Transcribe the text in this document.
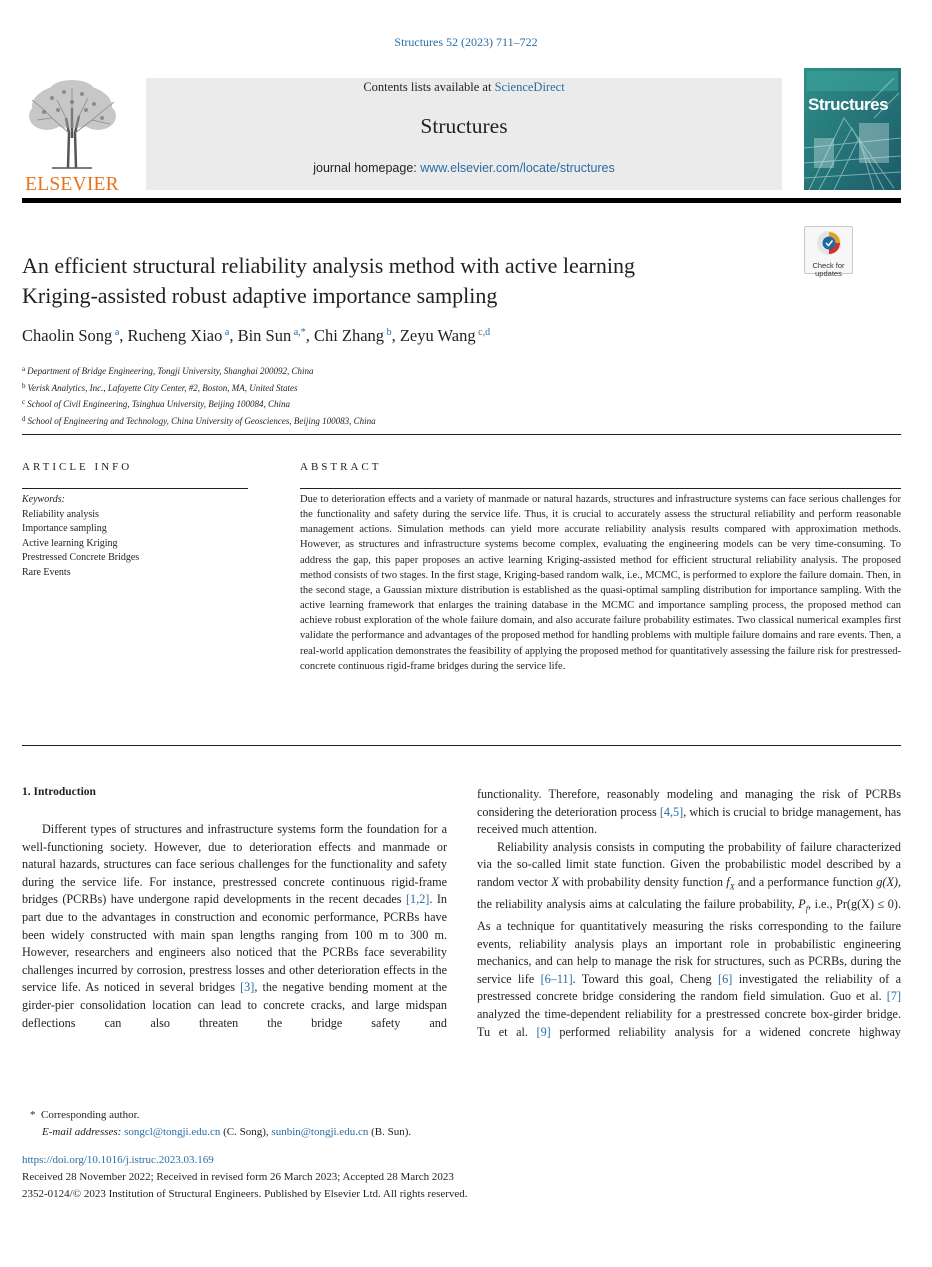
Structures 52 (2023) 711–722
ELSEVIER
Contents lists available at ScienceDirect
Structures
journal homepage: www.elsevier.com/locate/structures
Structures
Check for updates
An efficient structural reliability analysis method with active learning
Kriging-assisted robust adaptive importance sampling
Chaolin Song $^a$, Rucheng Xiao $^a$, Bin Sun $^{a,*}$, Chi Zhang $^b$, Zeyu Wang $^{c,d}$
$^a$ Department of Bridge Engineering, Tongji University, Shanghai 200092, China
$^b$ Verisk Analytics, Inc., Lafayette City Center, #2, Boston, MA, United States
$^c$ School of Civil Engineering, Tsinghua University, Beijing 100084, China
$^d$ School of Engineering and Technology, China University of Geosciences, Beijing 100083, China
ARTICLE INFO
Keywords:
Reliability analysis
Importance sampling
Active learning Kriging
Prestressed Concrete Bridges
Rare Events
ABSTRACT
Due to deterioration effects and a variety of manmade or natural hazards, structures and infrastructure systems can face serious challenges for the functionality and safety during the service life. Thus, it is crucial to accurately assess the structural reliability and perform reasonable management actions. Simulation methods can yield more accurate reliability analysis results compared with approximation methods. However, as structures and infrastructure systems become complex, evaluating the engineering models can be very time-consuming. To address the gap, this paper proposes an active learning Kriging-assisted method for efficient structural reliability analysis. The proposed method consists of two stages. In the first stage, Kriging-based random walk, i.e., MCMC, is performed to explore the failure domain. Then, in the second stage, a Gaussian mixture distribution is established as the quasi-optimal sampling distribution for importance sampling. With the active learning framework that enlarges the training database in the MCMC and importance sampling process, the proposed method can achieve robust exploration of the whole failure domain, and also accurate failure probability estimates. Two classical numerical examples first validate the performance and advantages of the proposed method for handling problems with multiple failure domains and rare events. Then, a real-world application demonstrates the feasibility of applying the proposed method for quantitatively assessing the failure risk for prestressed-concrete continuous rigid-frame bridges during the service life.
1. Introduction

Different types of structures and infrastructure systems form the foundation for a well-functioning society. However, due to deterioration effects and manmade or natural hazards, structures can face serious challenges for the functionality and safety during the service life. For instance, prestressed concrete continuous rigid-frame bridges (PCRBs) have undergone rapid developments in the recent decades [1,2]. In part due to the advantages in construction and economic performance, PCRBs have been widely constructed with main span lengths ranging from 100 m to 300 m. However, researchers and engineers also noticed that the PCRBs face severability challenges incurred by corrosion, prestress losses and other deterioration effects in the service life. As noticed in several bridges [3], the negative bending moment at the girder-pier consolidation location can lead to concrete cracks, and large midspan deflections can also threaten the bridge safety and

functionality. Therefore, reasonably modeling and managing the risk of PCRBs considering the deterioration process [4,5], which is crucial to bridge management, has received much attention.

Reliability analysis consists in computing the probability of failure characterized via the so-called limit state function. Given the probabilistic model described by a random vector X with probability density function $f_X$ and a performance function g(X), the reliability analysis aims at calculating the failure probability, $P_f$, i.e., Pr(g(X) ≤ 0). As a technique for quantitatively measuring the risks corresponding to the failure events, reliability analysis plays an important role in probabilistic engineering mechanics, and can help to manage the risk for structures, such as PCRBs, during the service life [6–11]. Toward this goal, Cheng [6] investigated the reliability of a prestressed concrete bridge considering the random field simulation. Guo et al. [7] analyzed the time-dependent reliability for a prestressed concrete box-girder bridge. Tu et al. [9] performed reliability analysis for a widened concrete highway

* Corresponding author.
E-mail addresses: songcl@tongji.edu.cn (C. Song), sunbin@tongji.edu.cn (B. Sun).
https://doi.org/10.1016/j.istruc.2023.03.169
Received 28 November 2022; Received in revised form 26 March 2023; Accepted 28 March 2023
2352-0124/© 2023 Institution of Structural Engineers. Published by Elsevier Ltd. All rights reserved.
